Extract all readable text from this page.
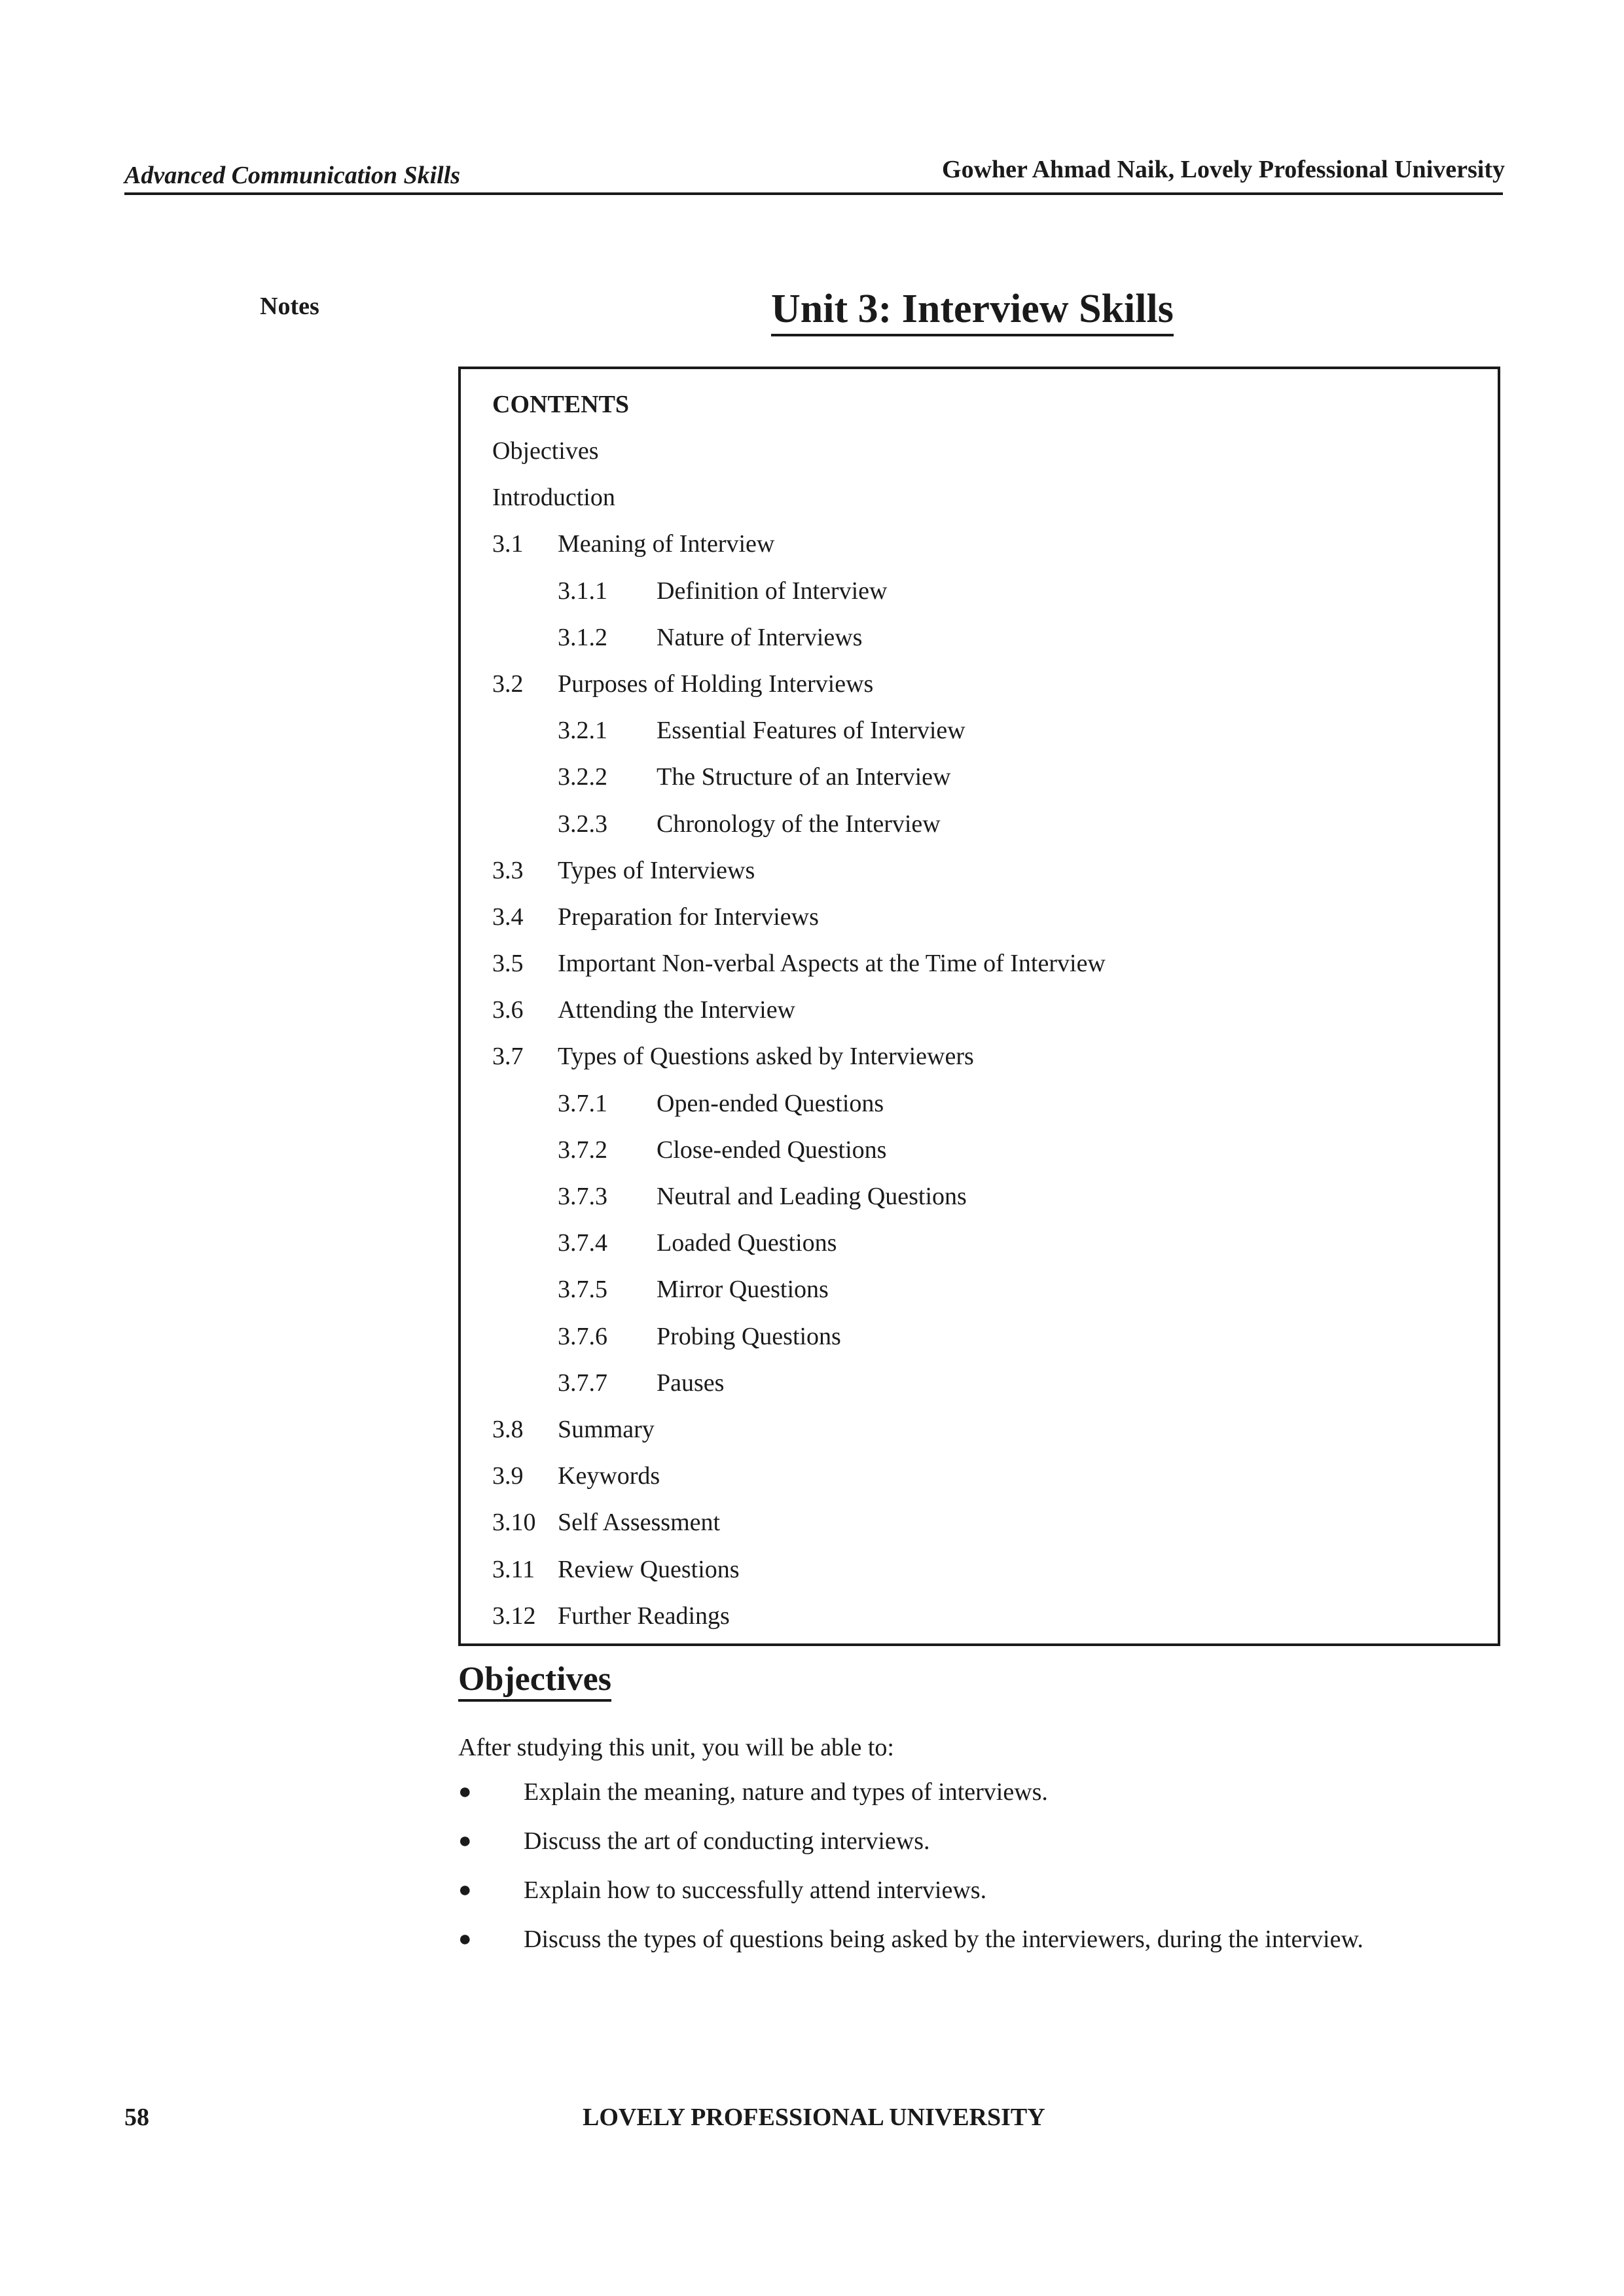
Advanced Communication Skills	Gowher Ahmad Naik, Lovely Professional University
Notes	Unit 3: Interview Skills
CONTENTS
Objectives
Introduction
3.1	Meaning of Interview
3.1.1	Definition of Interview
3.1.2	Nature of Interviews
3.2	Purposes of Holding Interviews
3.2.1	Essential Features of Interview
3.2.2	The Structure of an Interview
3.2.3	Chronology of the Interview
3.3	Types of Interviews
3.4	Preparation for Interviews
3.5	Important Non-verbal Aspects at the Time of Interview
3.6	Attending the Interview
3.7	Types of Questions asked by Interviewers
3.7.1	Open-ended Questions
3.7.2	Close-ended Questions
3.7.3	Neutral and Leading Questions
3.7.4	Loaded Questions
3.7.5	Mirror Questions
3.7.6	Probing Questions
3.7.7	Pauses
3.8	Summary
3.9	Keywords
3.10 Self Assessment
3.11 Review Questions
3.12 Further Readings
Objectives
After studying this unit, you will be able to:
●	Explain the meaning, nature and types of interviews.
●	Discuss the art of conducting interviews.
●	Explain how to successfully attend interviews.
●	Discuss the types of questions being asked by the interviewers, during the interview.
58	LOVELY PROFESSIONAL UNIVERSITY
